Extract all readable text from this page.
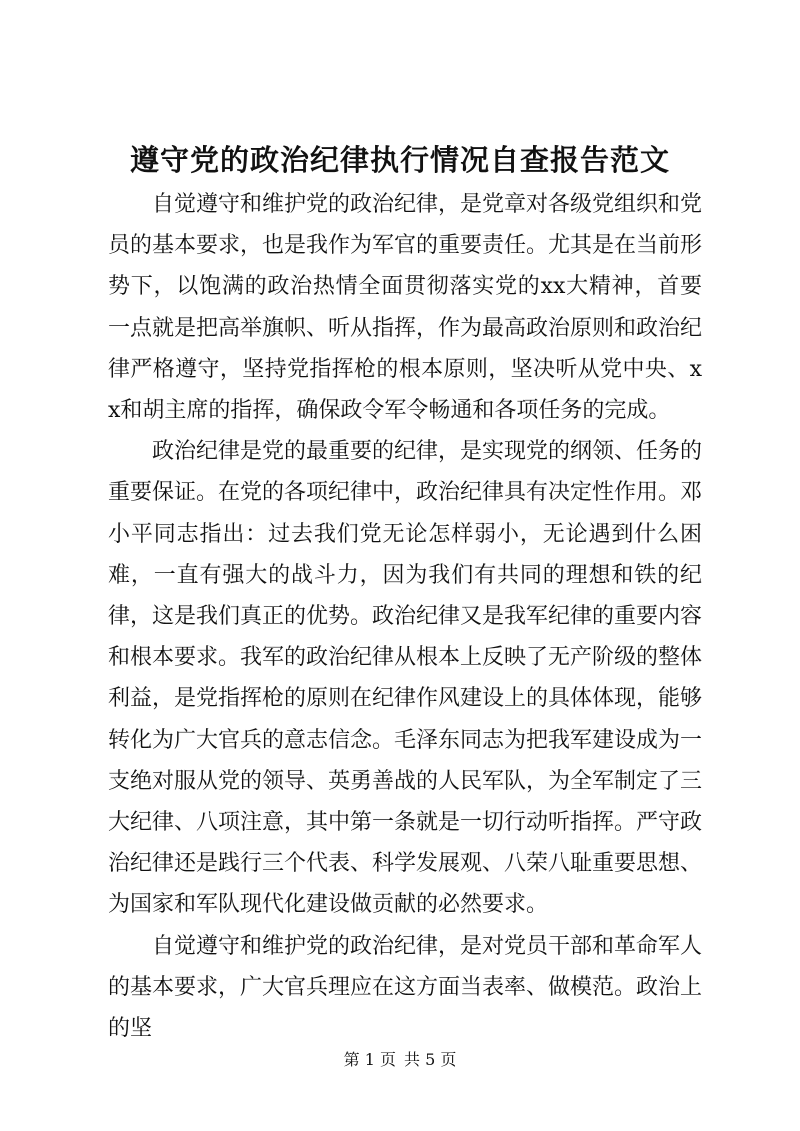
遵守党的政治纪律执行情况自查报告范文

自觉遵守和维护党的政治纪律，是党章对各级党组织和党员的基本要求，也是我作为军官的重要责任。尤其是在当前形势下，以饱满的政治热情全面贯彻落实党的xx大精神，首要一点就是把高举旗帜、听从指挥，作为最高政治原则和政治纪律严格遵守，坚持党指挥枪的根本原则，坚决听从党中央、xx和胡主席的指挥，确保政令军令畅通和各项任务的完成。

政治纪律是党的最重要的纪律，是实现党的纲领、任务的重要保证。在党的各项纪律中，政治纪律具有决定性作用。邓小平同志指出：过去我们党无论怎样弱小，无论遇到什么困难，一直有强大的战斗力，因为我们有共同的理想和铁的纪律，这是我们真正的优势。政治纪律又是我军纪律的重要内容和根本要求。我军的政治纪律从根本上反映了无产阶级的整体利益，是党指挥枪的原则在纪律作风建设上的具体体现，能够转化为广大官兵的意志信念。毛泽东同志为把我军建设成为一支绝对服从党的领导、英勇善战的人民军队，为全军制定了三大纪律、八项注意，其中第一条就是一切行动听指挥。严守政治纪律还是践行三个代表、科学发展观、八荣八耻重要思想、为国家和军队现代化建设做贡献的必然要求。

自觉遵守和维护党的政治纪律，是对党员干部和革命军人的基本要求，广大官兵理应在这方面当表率、做模范。政治上的坚

第 1 页 共 5 页
